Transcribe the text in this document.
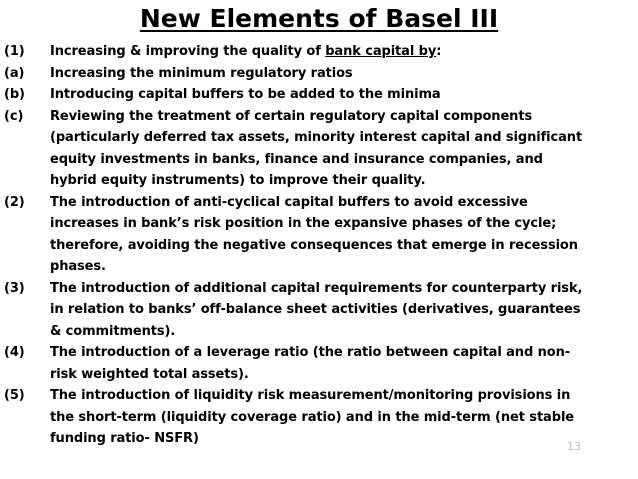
New Elements of Basel III
(1) Increasing & improving the quality of bank capital by:
(a) Increasing the minimum regulatory ratios
(b) Introducing capital buffers to be added to the minima
(c) Reviewing the treatment of certain regulatory capital components
(particularly deferred tax assets, minority interest capital and significant
equity investments in banks, finance and insurance companies, and
hybrid equity instruments) to improve their quality.
(2) The introduction of anti-cyclical capital buffers to avoid excessive
increases in bank’s risk position in the expansive phases of the cycle;
therefore, avoiding the negative consequences that emerge in recession
phases.
(3) The introduction of additional capital requirements for counterparty risk,
in relation to banks’ off-balance sheet activities (derivatives, guarantees
& commitments).
(4) The introduction of a leverage ratio (the ratio between capital and non-
risk weighted total assets).
(5) The introduction of liquidity risk measurement/monitoring provisions in
the short-term (liquidity coverage ratio) and in the mid-term (net stable
funding ratio- NSFR)
13
